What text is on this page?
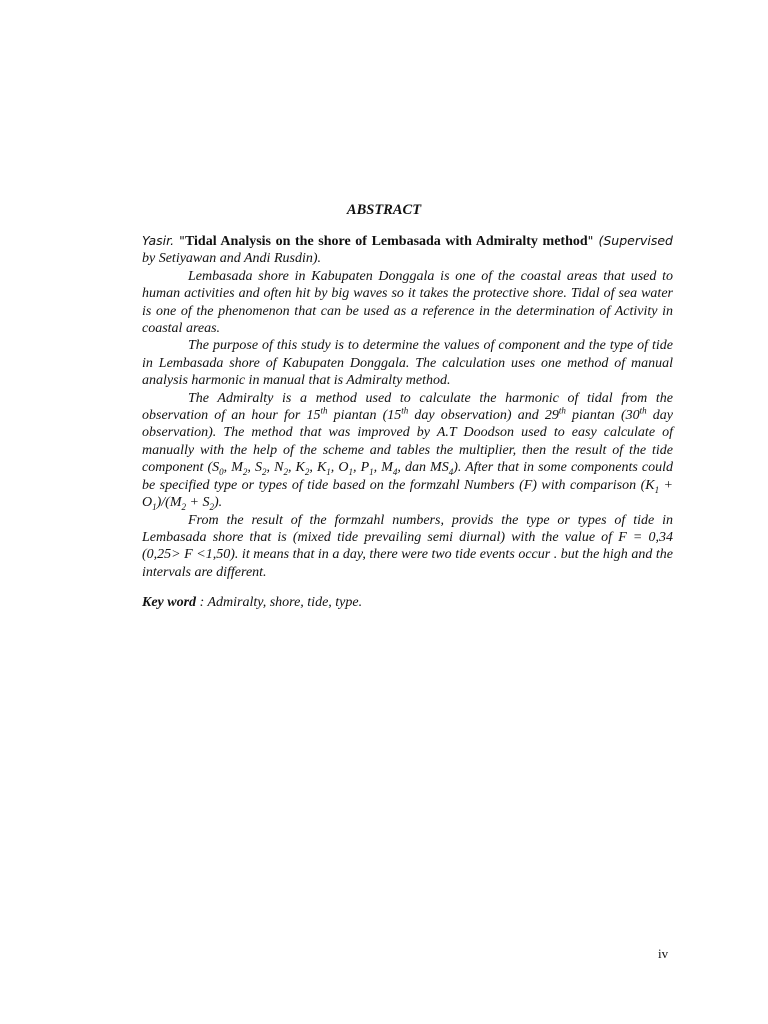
ABSTRACT

Yasir. "Tidal Analysis on the shore of Lembasada with Admiralty method" (Supervised by Setiyawan and Andi Rusdin).

Lembasada shore in Kabupaten Donggala is one of the coastal areas that used to human activities and often hit by big waves so it takes the protective shore. Tidal of sea water is one of the phenomenon that can be used as a reference in the determination of Activity in coastal areas.

The purpose of this study is to determine the values of component and the type of tide in Lembasada shore of Kabupaten Donggala. The calculation uses one method of manual analysis harmonic in manual that is Admiralty method.

The Admiralty is a method used to calculate the harmonic of tidal from the observation of an hour for 15th piantan (15th day observation) and 29th piantan (30th day observation). The method that was improved by A.T Doodson used to easy calculate of manually with the help of the scheme and tables the multiplier, then the result of the tide component ($S_0$, $M_2$, $S_2$, $N_2$, $K_2$, $K_1$, $O_1$, $P_1$, $M_4$, dan $MS_4$). After that in some components could be specified type or types of tide based on the formzahl Numbers (F) with comparison $(K_1 + O_1)/(M_2 + S_2)$.

From the result of the formzahl numbers, provids the type or types of tide in Lembasada shore that is (mixed tide prevailing semi diurnal) with the value of F = 0,34 (0,25> F <1,50). it means that in a day, there were two tide events occur . but the high and the intervals are different.

Key word : Admiralty, shore, tide, type.

iv
